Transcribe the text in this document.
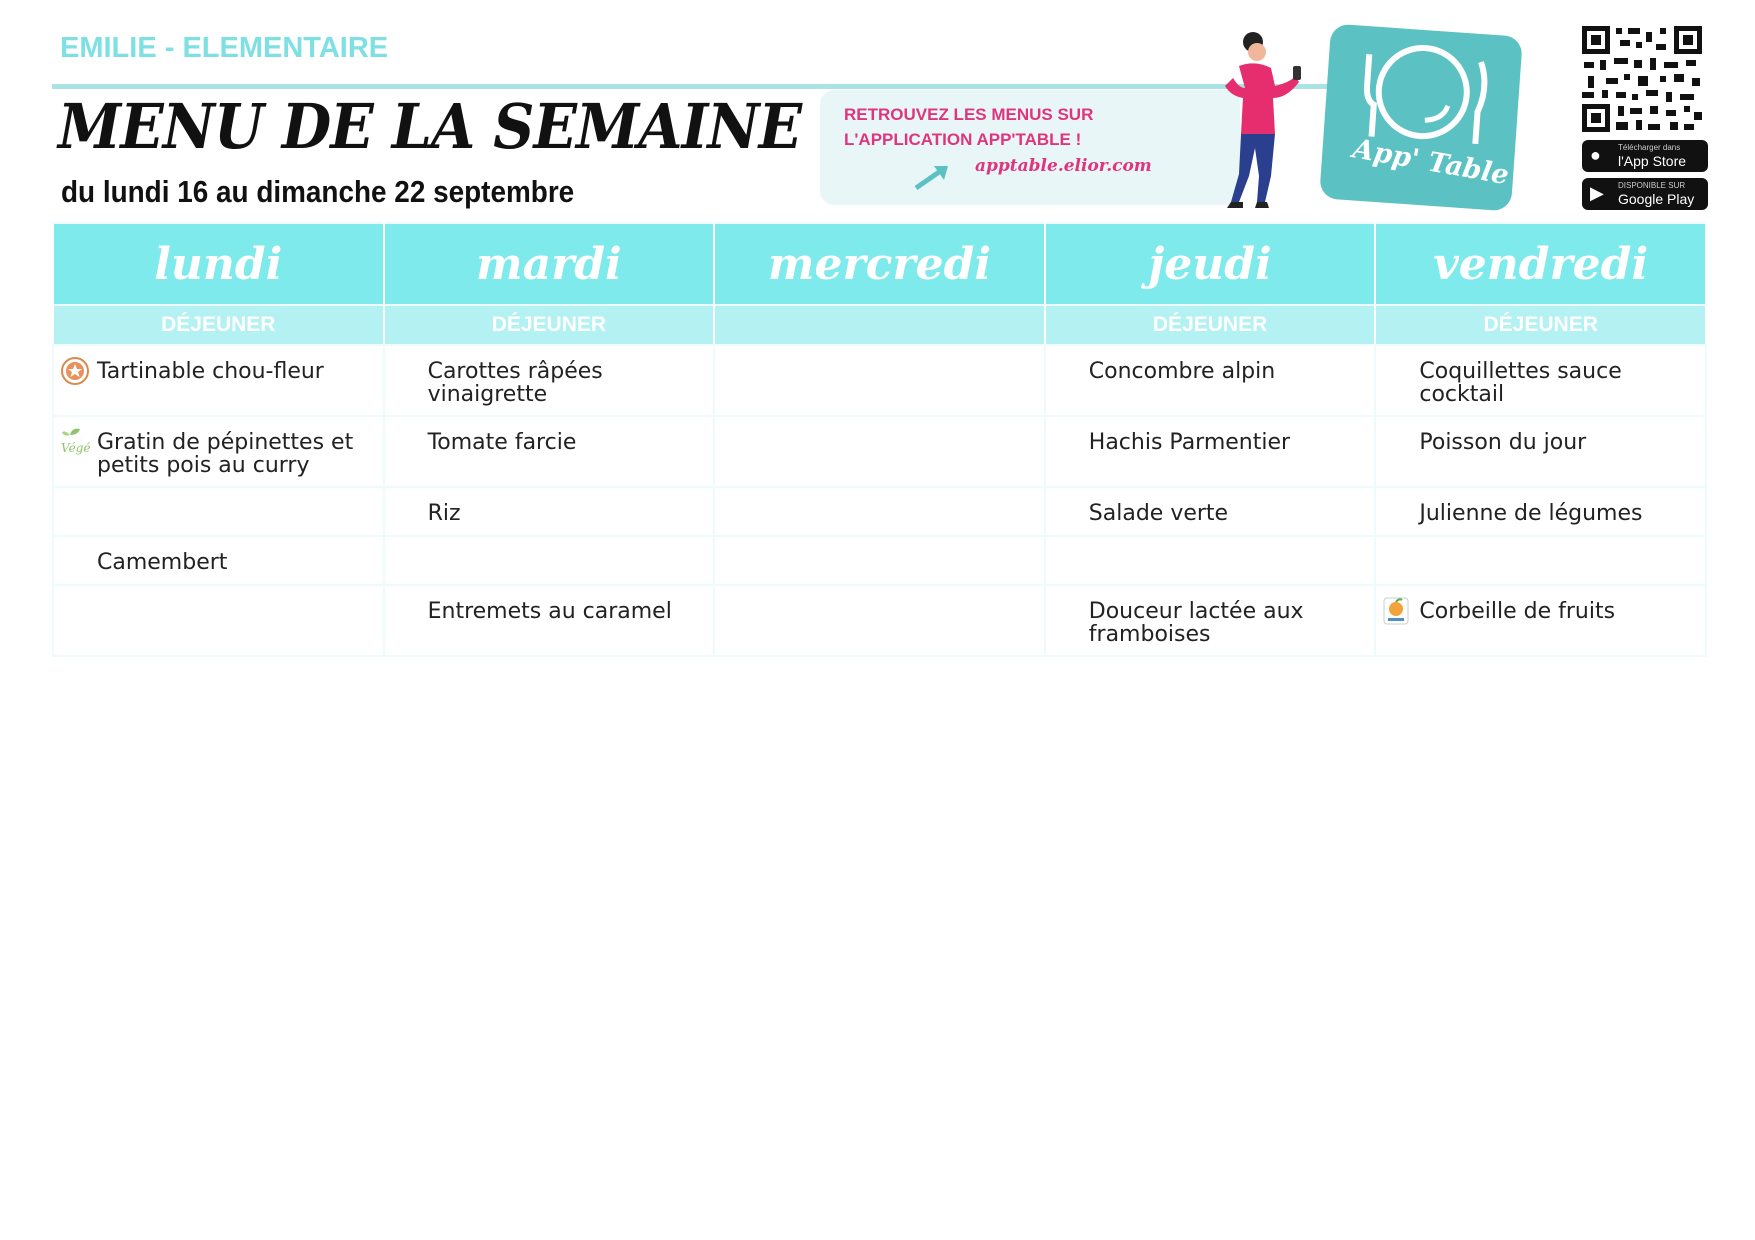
EMILIE - ELEMENTAIRE
MENU DE LA SEMAINE
du lundi 16 au dimanche 22 septembre
RETROUVEZ LES MENUS SUR
L'APPLICATION APP'TABLE !
apptable.elior.com	App' Table	● Télécharger dans
l'App Store
▶ DISPONIBLE SUR
Google Play
lundi	mardi	mercredi	jeudi	vendredi
DÉJEUNER	DÉJEUNER		DÉJEUNER	DÉJEUNER

Tartinable chou-fleur	Carottes râpées vinaigrette		Concombre alpin	Coquillettes sauce cocktail

Végé Gratin de pépinettes et petits pois au curry	Tomate farcie		Hachis Parmentier	Poisson du jour
	Riz		Salade verte	Julienne de légumes
Camembert				
	Entremets au caramel		Douceur lactée aux framboises	Corbeille de fruits
